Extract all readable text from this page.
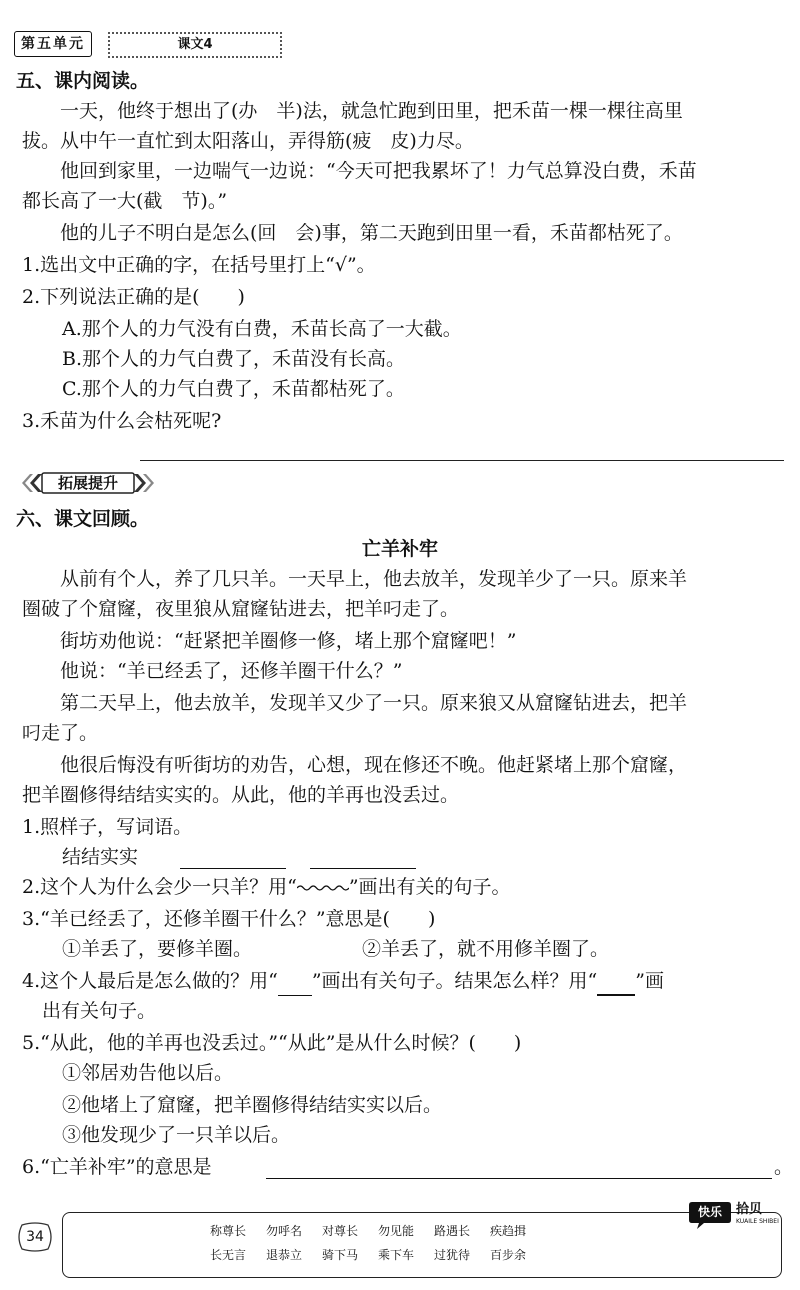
第五单元	课文4
五、课内阅读。
一天，他终于想出了(办　半)法，就急忙跑到田里，把禾苗一棵一棵往高里
拔。从中午一直忙到太阳落山，弄得筋(疲　皮)力尽。
他回到家里，一边喘气一边说：“今天可把我累坏了！力气总算没白费，禾苗
都长高了一大(截　节)。”
他的儿子不明白是怎么(回　会)事，第二天跑到田里一看，禾苗都枯死了。
1.选出文中正确的字，在括号里打上“√”。
2.下列说法正确的是(　　)
A.那个人的力气没有白费，禾苗长高了一大截。
B.那个人的力气白费了，禾苗没有长高。
C.那个人的力气白费了，禾苗都枯死了。
3.禾苗为什么会枯死呢?
拓展提升
六、课文回顾。
亡羊补牢
从前有个人，养了几只羊。一天早上，他去放羊，发现羊少了一只。原来羊
圈破了个窟窿，夜里狼从窟窿钻进去，把羊叼走了。
街坊劝他说：“赶紧把羊圈修一修，堵上那个窟窿吧！”
他说：“羊已经丢了，还修羊圈干什么？”
第二天早上，他去放羊，发现羊又少了一只。原来狼又从窟窿钻进去，把羊
叼走了。
他很后悔没有听街坊的劝告，心想，现在修还不晚。他赶紧堵上那个窟窿，
把羊圈修得结结实实的。从此，他的羊再也没丢过。
1.照样子，写词语。
结结实实
2.这个人为什么会少一只羊？用“	”画出有关的句子。
3.“羊已经丢了，还修羊圈干什么？”意思是(　　)
①羊丢了，要修羊圈。	②羊丢了，就不用修羊圈了。
4.这个人最后是怎么做的？用“ ”画出有关句子。结果怎么样？用“ ”画
出有关句子。
5.“从此，他的羊再也没丢过。”“从此”是从什么时候？(　　)
①邻居劝告他以后。
②他堵上了窟窿，把羊圈修得结结实实以后。
③他发现少了一只羊以后。
6.“亡羊补牢”的意思是	。
34	称尊长 勿呼名 对尊长 勿见能 路遇长 疾趋揖
长无言 退恭立 骑下马 乘下车 过犹待 百步余
快乐	拾贝
KUAILE SHIBEI
